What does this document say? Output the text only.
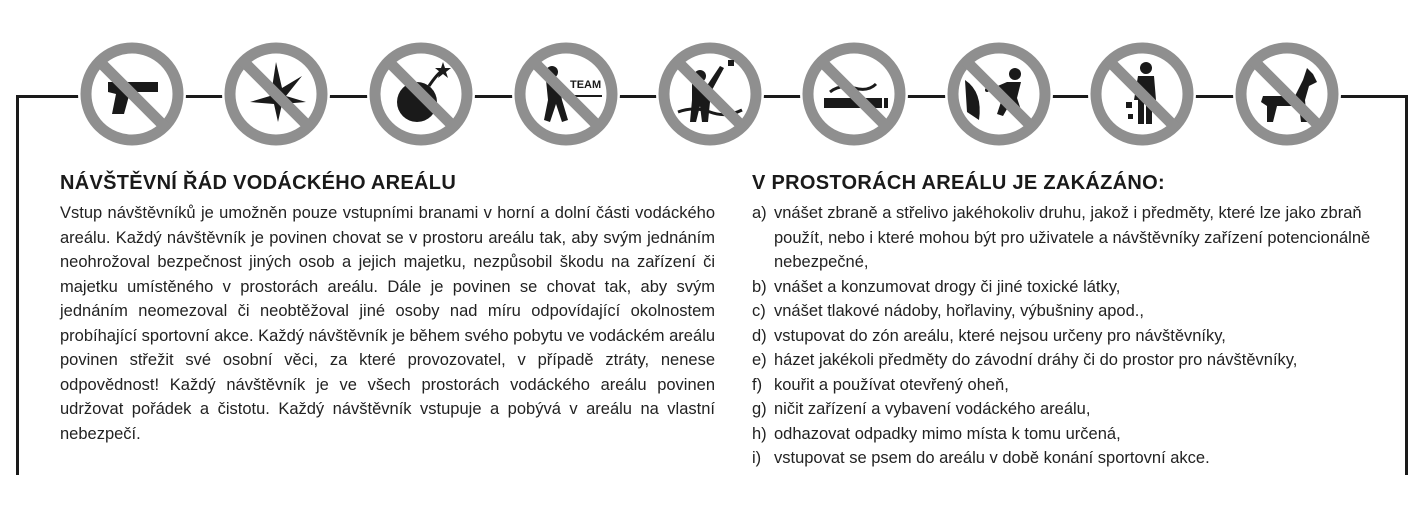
TEAM
NÁVŠTĚVNÍ ŘÁD VODÁCKÉHO AREÁLU

Vstup návštěvníků je umožněn pouze vstupními branami v horní a dolní části vodáckého areálu. Každý návštěvník je povinen chovat se v prostoru areálu tak, aby svým jednáním neohrožoval bezpečnost jiných osob a jejich majetku, nezpůsobil škodu na zařízení či majetku umístěného v prostorách areálu. Dále je povinen se chovat tak, aby svým jednáním neomezoval či neobtěžoval jiné osoby nad míru odpovídající okolnostem probíhající sportovní akce. Každý návštěvník je během svého pobytu ve vodáckém areálu povinen střežit své osobní věci, za které provozovatel, v případě ztráty, nenese odpovědnost! Každý návštěvník je ve všech prostorách vodáckého areálu povinen udržovat pořádek a čistotu. Každý návštěvník vstupuje a pobývá v areálu na vlastní nebezpečí.

V PROSTORÁCH AREÁLU JE ZAKÁZÁNO:
a) vnášet zbraně a střelivo jakéhokoliv druhu, jakož i předměty, které lze jako zbraň použít, nebo i které mohou být pro uživatele a návštěvníky zařízení potencionálně nebezpečné,
b) vnášet a konzumovat drogy či jiné toxické látky,
c) vnášet tlakové nádoby, hořlaviny, výbušniny apod.,
d) vstupovat do zón areálu, které nejsou určeny pro návštěvníky,
e) házet jakékoli předměty do závodní dráhy či do prostor pro návštěvníky,
f) kouřit a používat otevřený oheň,
g) ničit zařízení a vybavení vodáckého areálu,
h) odhazovat odpadky mimo místa k tomu určená,
i) vstupovat se psem do areálu v době konání sportovní akce.
